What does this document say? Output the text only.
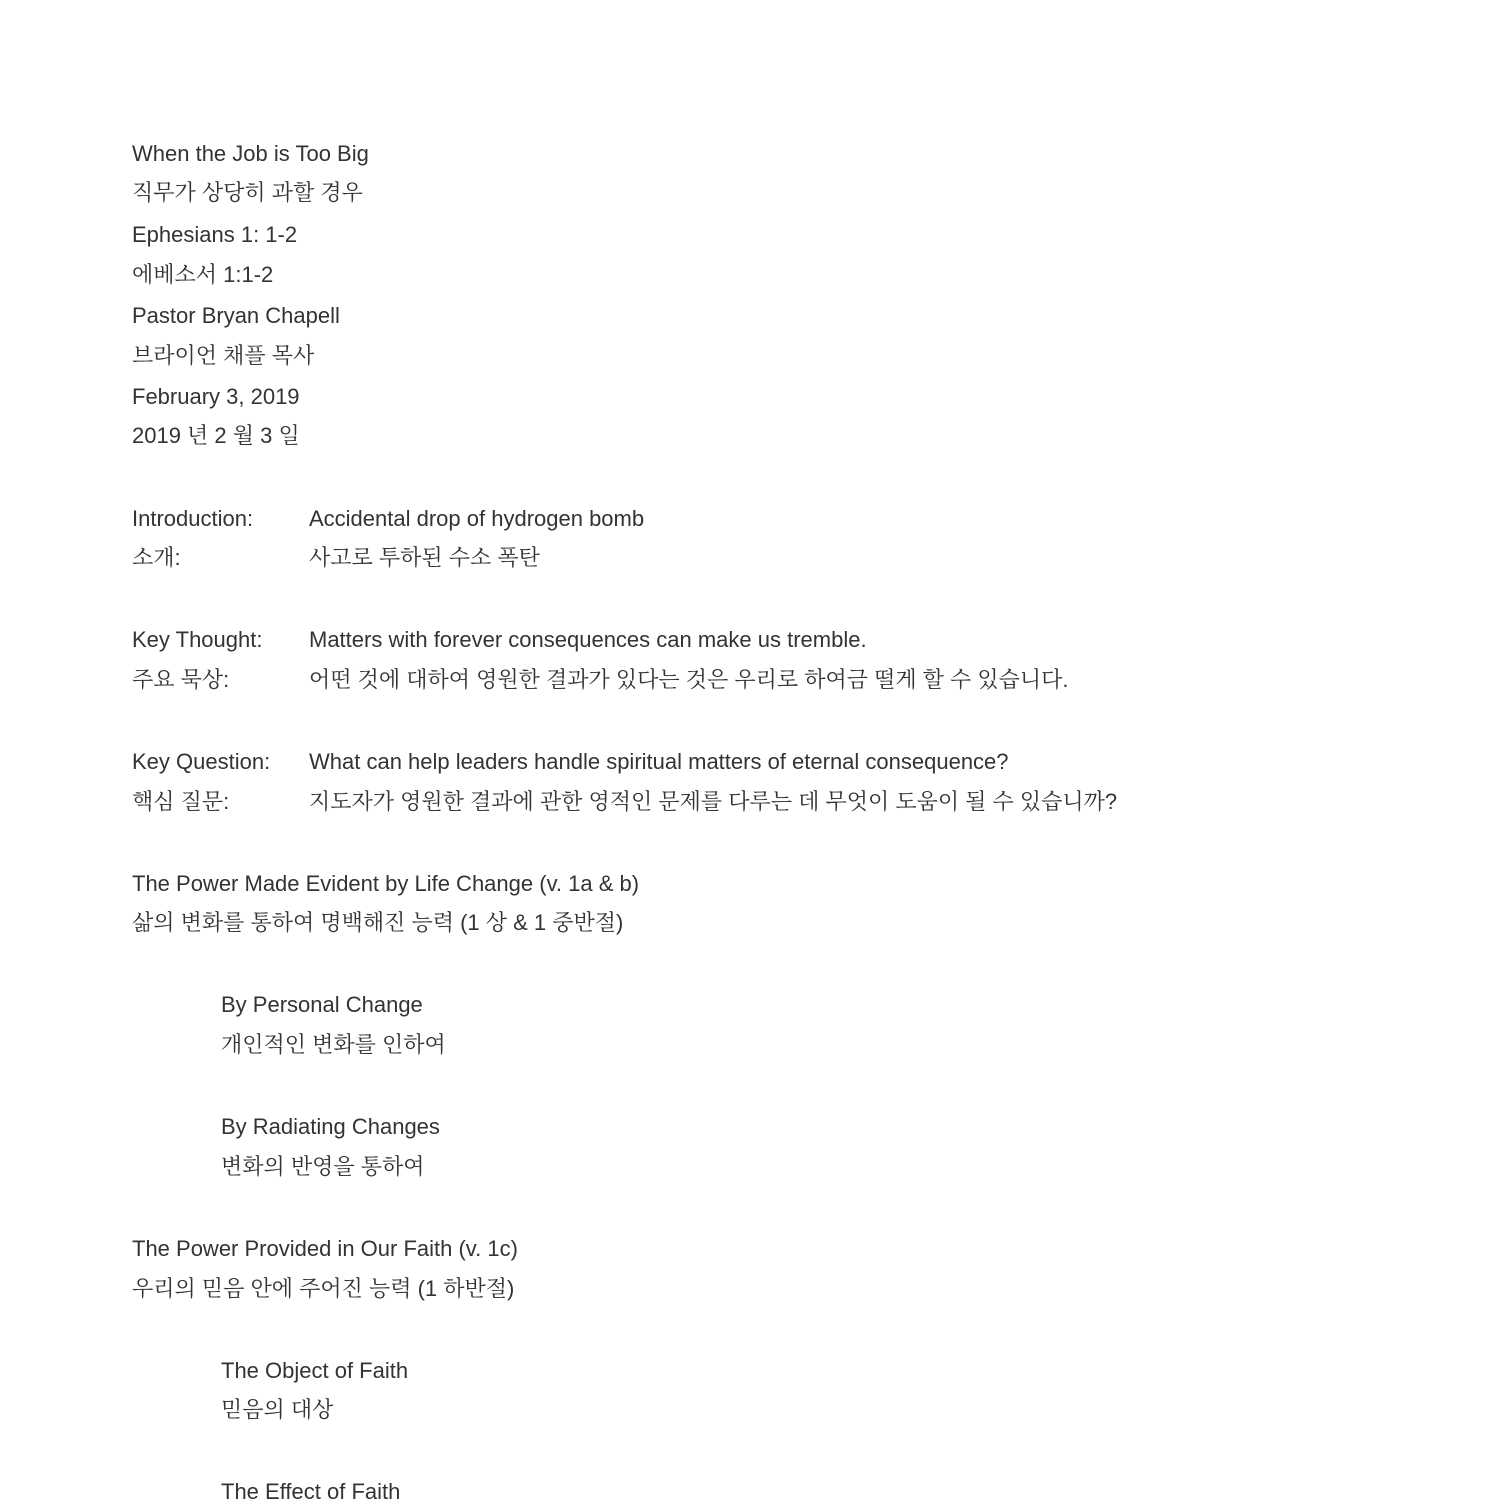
When the Job is Too Big
직무가 상당히 과할 경우
Ephesians 1: 1-2
에베소서 1:1-2
Pastor Bryan Chapell
브라이언 채플 목사
February 3, 2019
2019 년 2 월 3 일
Introduction:	Accidental drop of hydrogen bomb
소개:	사고로 투하된 수소 폭탄
Key Thought: Matters with forever consequences can make us tremble.
주요 묵상:	어떤 것에 대하여 영원한 결과가 있다는 것은 우리로 하여금 떨게 할 수 있습니다.
Key Question: What can help leaders handle spiritual matters of eternal consequence?
핵심 질문:	지도자가 영원한 결과에 관한 영적인 문제를 다루는 데 무엇이 도움이 될 수 있습니까?
The Power Made Evident by Life Change (v. 1a & b)
삶의 변화를 통하여 명백해진 능력 (1 상 & 1 중반절)
By Personal Change
개인적인 변화를 인하여
By Radiating Changes
변화의 반영을 통하여
The Power Provided in Our Faith (v. 1c)
우리의 믿음 안에 주어진 능력 (1 하반절)
The Object of Faith
믿음의 대상
The Effect of Faith
